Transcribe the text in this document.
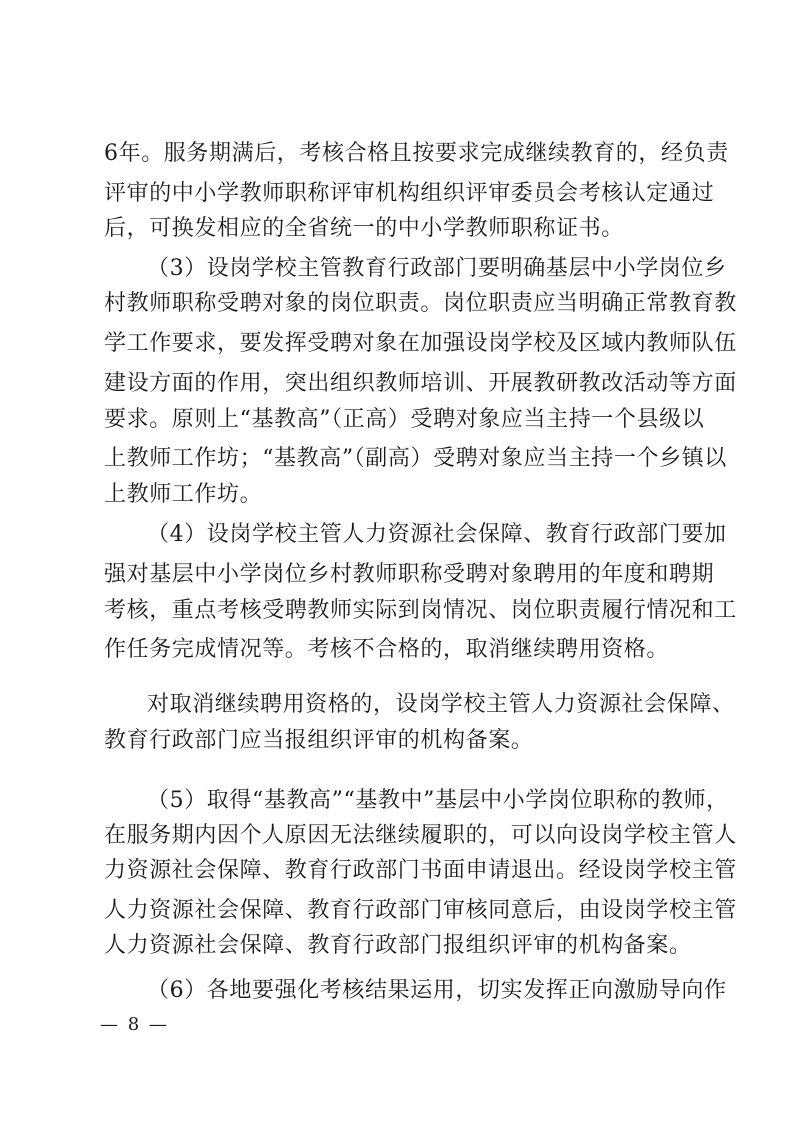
6年。服务期满后，考核合格且按要求完成继续教育的，经负责
评审的中小学教师职称评审机构组织评审委员会考核认定通过
后，可换发相应的全省统一的中小学教师职称证书。
（3）设岗学校主管教育行政部门要明确基层中小学岗位乡
村教师职称受聘对象的岗位职责。岗位职责应当明确正常教育教
学工作要求，要发挥受聘对象在加强设岗学校及区域内教师队伍
建设方面的作用，突出组织教师培训、开展教研教改活动等方面
要求。原则上“基教高”（正高）受聘对象应当主持一个县级以
上教师工作坊；“基教高”（副高）受聘对象应当主持一个乡镇以
上教师工作坊。
（4）设岗学校主管人力资源社会保障、教育行政部门要加
强对基层中小学岗位乡村教师职称受聘对象聘用的年度和聘期
考核，重点考核受聘教师实际到岗情况、岗位职责履行情况和工
作任务完成情况等。考核不合格的，取消继续聘用资格。
对取消继续聘用资格的，设岗学校主管人力资源社会保障、
教育行政部门应当报组织评审的机构备案。
（5）取得“基教高”“基教中”基层中小学岗位职称的教师，
在服务期内因个人原因无法继续履职的，可以向设岗学校主管人
力资源社会保障、教育行政部门书面申请退出。经设岗学校主管
人力资源社会保障、教育行政部门审核同意后，由设岗学校主管
人力资源社会保障、教育行政部门报组织评审的机构备案。
（6）各地要强化考核结果运用，切实发挥正向激励导向作
— 8 —
